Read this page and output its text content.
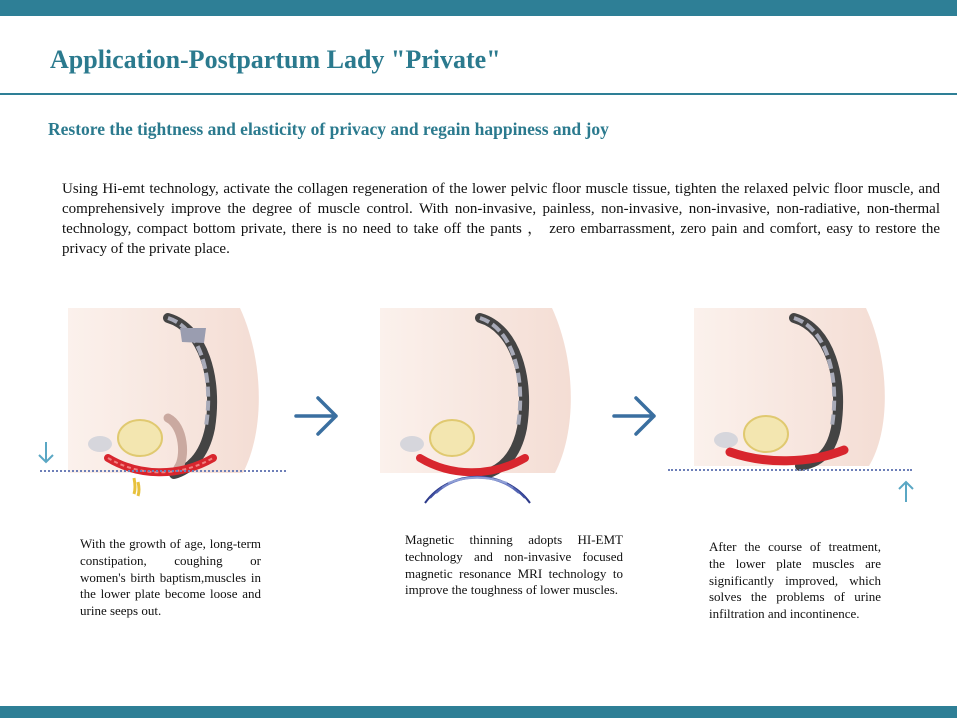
Application-Postpartum Lady "Private"
Restore the tightness and elasticity of privacy and regain happiness and joy
Using Hi-emt technology, activate the collagen regeneration of the lower pelvic floor muscle tissue, tighten the relaxed pelvic floor muscle, and comprehensively improve the degree of muscle control. With non-invasive, painless, non-invasive, non-invasive, non-radiative, non-thermal technology, compact bottom private, there is no need to take off the pants ， zero embarrassment, zero pain and comfort, easy to restore the privacy of the private place.
With the growth of age, long-term constipation, coughing or women's birth baptism,muscles in the lower plate become loose and urine seeps out.
Magnetic thinning adopts HI-EMT technology and non-invasive focused magnetic resonance MRI technology to improve the toughness of lower muscles.
After the course of treatment, the lower plate muscles are significantly improved, which solves the problems of urine infiltration and incontinence.
